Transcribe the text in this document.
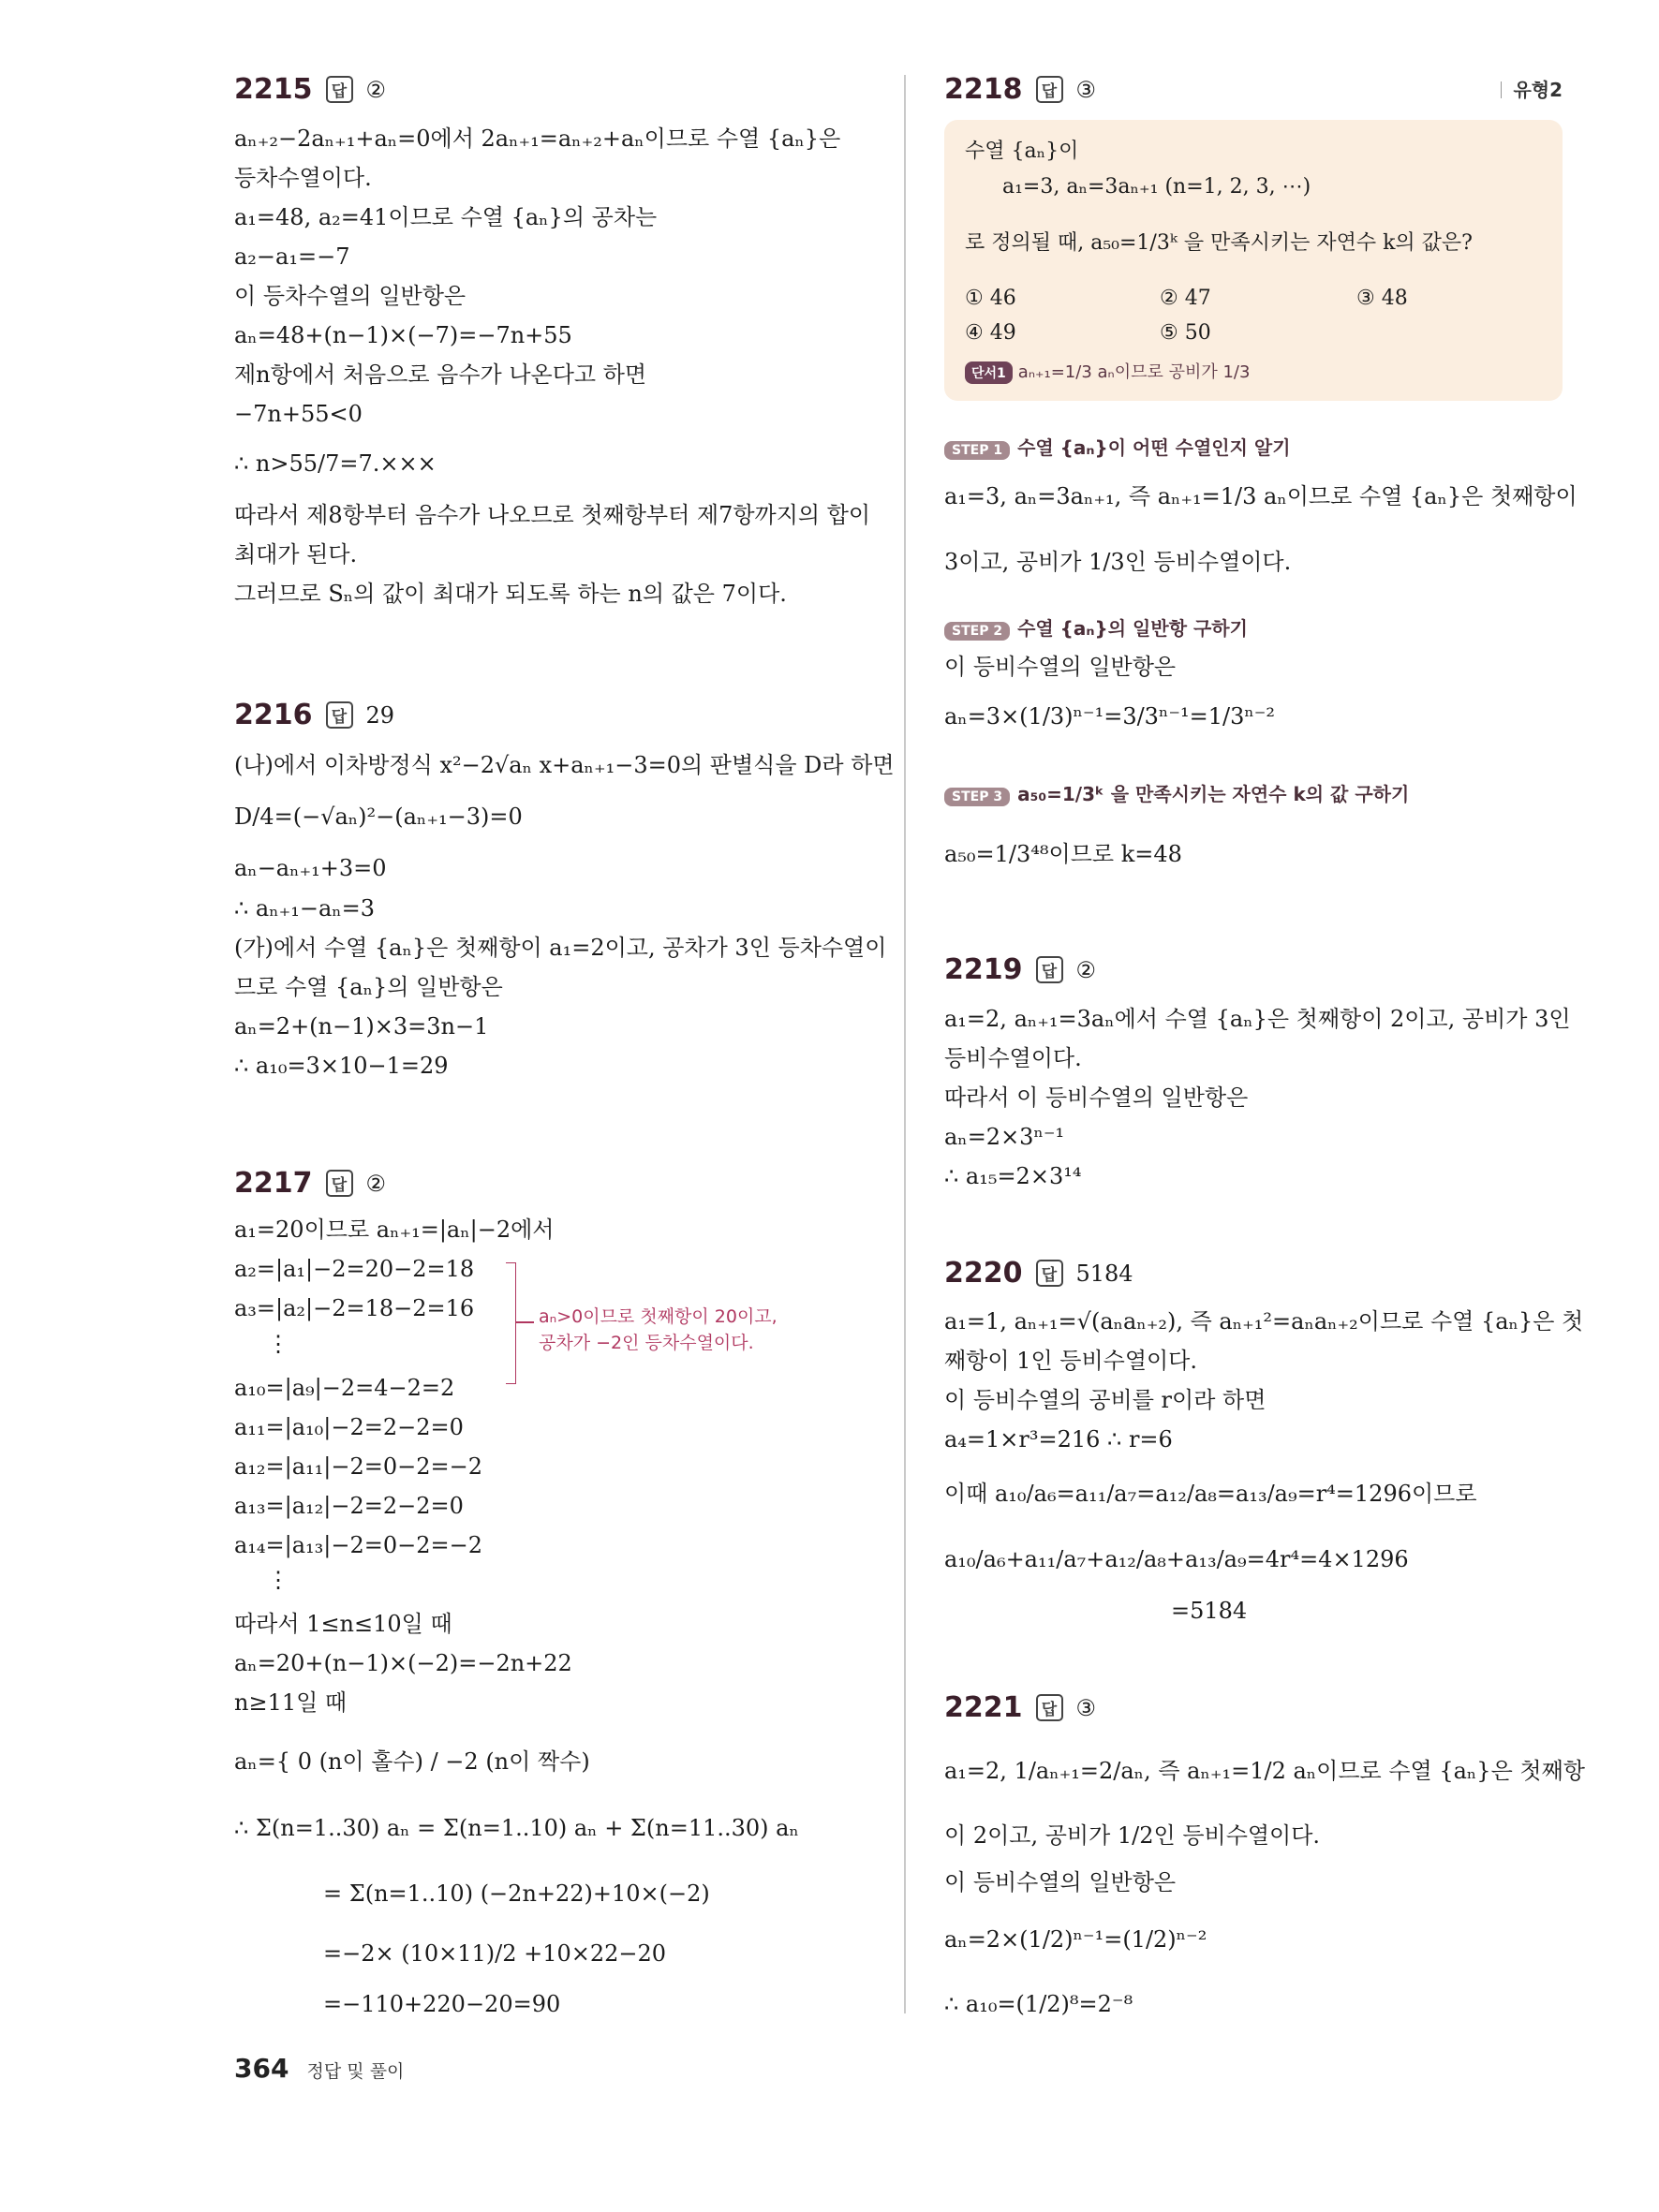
2215	답 ②
aₙ₊₂−2aₙ₊₁+aₙ=0에서 2aₙ₊₁=aₙ₊₂+aₙ이므로 수열 {aₙ}은
등차수열이다.
a₁=48, a₂=41이므로 수열 {aₙ}의 공차는
a₂−a₁=−7
이 등차수열의 일반항은
aₙ=48+(n−1)×(−7)=−7n+55
제n항에서 처음으로 음수가 나온다고 하면
−7n+55<0
∴ n>55/7=7.×××
따라서 제8항부터 음수가 나오므로 첫째항부터 제7항까지의 합이
최대가 된다.
그러므로 Sₙ의 값이 최대가 되도록 하는 n의 값은 7이다.
2216	답 29
(나)에서 이차방정식 x²−2√aₙ x+aₙ₊₁−3=0의 판별식을 D라 하면
D/4=(−√aₙ)²−(aₙ₊₁−3)=0
aₙ−aₙ₊₁+3=0
∴ aₙ₊₁−aₙ=3
(가)에서 수열 {aₙ}은 첫째항이 a₁=2이고, 공차가 3인 등차수열이
므로 수열 {aₙ}의 일반항은
aₙ=2+(n−1)×3=3n−1
∴ a₁₀=3×10−1=29
2217	답 ②
a₁=20이므로 aₙ₊₁=|aₙ|−2에서
a₂=|a₁|−2=20−2=18
a₃=|a₂|−2=18−2=16
⋮
a₁₀=|a₉|−2=4−2=2
a₁₁=|a₁₀|−2=2−2=0
a₁₂=|a₁₁|−2=0−2=−2
a₁₃=|a₁₂|−2=2−2=0
a₁₄=|a₁₃|−2=0−2=−2
⋮
따라서 1≤n≤10일 때
aₙ=20+(n−1)×(−2)=−2n+22
n≥11일 때
aₙ={ 0 (n이 홀수) / −2 (n이 짝수)
∴ Σ(n=1..30) aₙ = Σ(n=1..10) aₙ + Σ(n=11..30) aₙ
= Σ(n=1..10) (−2n+22)+10×(−2)
=−2× (10×11)/2 +10×22−20
=−110+220−20=90
aₙ>0이므로 첫째항이 20이고,
공차가 −2인 등차수열이다.
유형2
2218	답 ③
수열 {aₙ}이
a₁=3, aₙ=3aₙ₊₁ (n=1, 2, 3, ⋯)
로 정의될 때, a₅₀=1/3ᵏ 을 만족시키는 자연수 k의 값은?
① 46	② 47	③ 48
④ 49	⑤ 50
단서1 aₙ₊₁=1/3 aₙ이므로 공비가 1/3
STEP 1 수열 {aₙ}이 어떤 수열인지 알기
a₁=3, aₙ=3aₙ₊₁, 즉 aₙ₊₁=1/3 aₙ이므로 수열 {aₙ}은 첫째항이
3이고, 공비가 1/3인 등비수열이다.
STEP 2 수열 {aₙ}의 일반항 구하기
이 등비수열의 일반항은
aₙ=3×(1/3)ⁿ⁻¹=3/3ⁿ⁻¹=1/3ⁿ⁻²
STEP 3 a₅₀=1/3ᵏ 을 만족시키는 자연수 k의 값 구하기
a₅₀=1/3⁴⁸이므로 k=48
2219	답 ②
a₁=2, aₙ₊₁=3aₙ에서 수열 {aₙ}은 첫째항이 2이고, 공비가 3인
등비수열이다.
따라서 이 등비수열의 일반항은
aₙ=2×3ⁿ⁻¹
∴ a₁₅=2×3¹⁴
2220	답 5184
a₁=1, aₙ₊₁=√(aₙaₙ₊₂), 즉 aₙ₊₁²=aₙaₙ₊₂이므로 수열 {aₙ}은 첫
째항이 1인 등비수열이다.
이 등비수열의 공비를 r이라 하면
a₄=1×r³=216 ∴ r=6
이때 a₁₀/a₆=a₁₁/a₇=a₁₂/a₈=a₁₃/a₉=r⁴=1296이므로
a₁₀/a₆+a₁₁/a₇+a₁₂/a₈+a₁₃/a₉=4r⁴=4×1296
=5184
2221	답 ③
a₁=2, 1/aₙ₊₁=2/aₙ, 즉 aₙ₊₁=1/2 aₙ이므로 수열 {aₙ}은 첫째항
이 2이고, 공비가 1/2인 등비수열이다.
이 등비수열의 일반항은
aₙ=2×(1/2)ⁿ⁻¹=(1/2)ⁿ⁻²
∴ a₁₀=(1/2)⁸=2⁻⁸
364 정답 및 풀이
